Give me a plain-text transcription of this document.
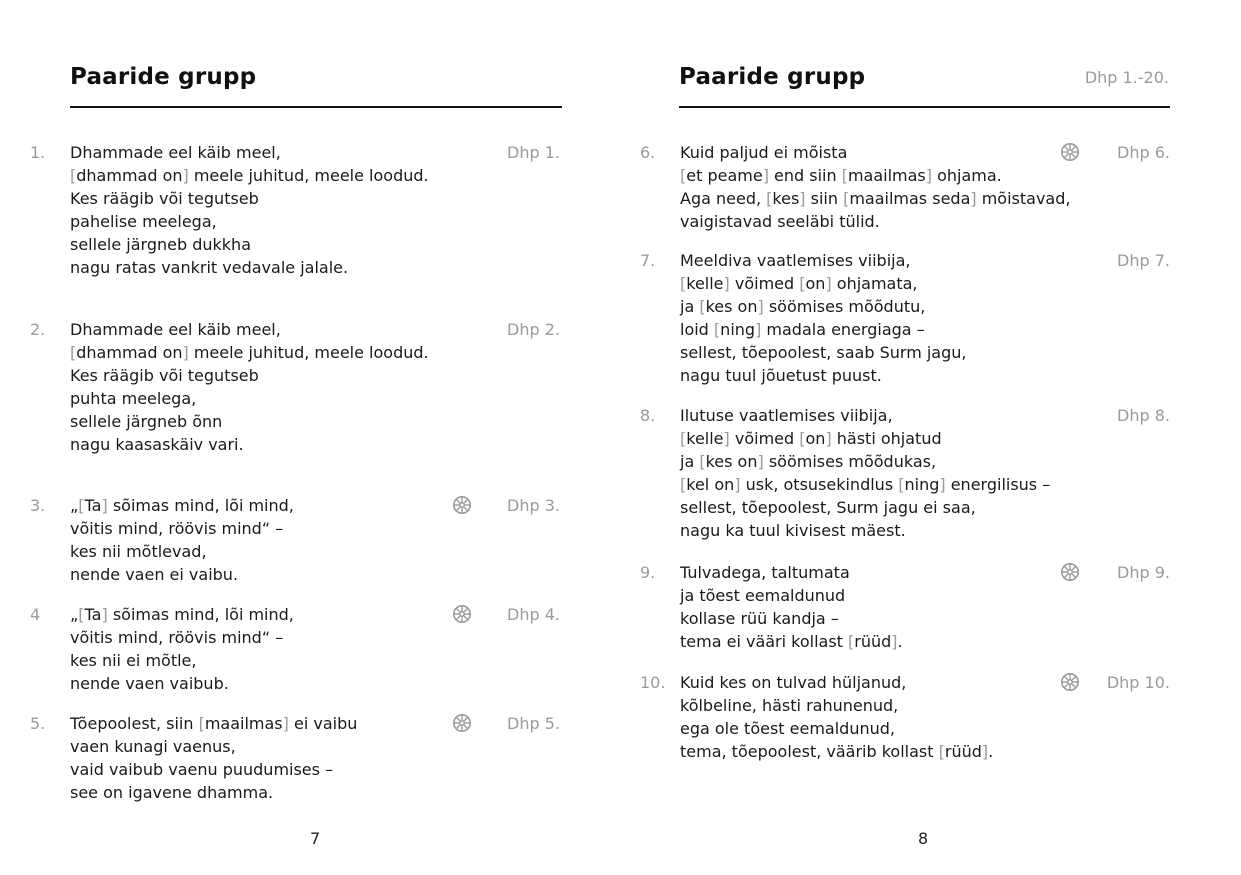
Paaride grupp
1.	Dhammade eel käib meel,
[dhammad on] meele juhitud, meele loodud.
Kes räägib või tegutseb
pahelise meelega,
sellele järgneb dukkha
nagu ratas vankrit vedavale jalale.
Dhp 1.
2.	Dhammade eel käib meel,
[dhammad on] meele juhitud, meele loodud.
Kes räägib või tegutseb
puhta meelega,
sellele järgneb õnn
nagu kaasaskäiv vari.
Dhp 2.
3.	„[Ta] sõimas mind, lõi mind,
võitis mind, röövis mind“ –
kes nii mõtlevad,
nende vaen ei vaibu.
Dhp 3.
4	„[Ta] sõimas mind, lõi mind,
võitis mind, röövis mind“ –
kes nii ei mõtle,
nende vaen vaibub.
Dhp 4.
5.	Tõepoolest, siin [maailmas] ei vaibu
vaen kunagi vaenus,
vaid vaibub vaenu puudumises –
see on igavene dhamma.
Dhp 5.
7
Paaride grupp	Dhp 1.-20.
6.	Kuid paljud ei mõista
[et peame] end siin [maailmas] ohjama.
Aga need, [kes] siin [maailmas seda] mõistavad,
vaigistavad seeläbi tülid.
Dhp 6.
7.	Meeldiva vaatlemises viibija,
[kelle] võimed [on] ohjamata,
ja [kes on] söömises mõõdutu,
loid [ning] madala energiaga –
sellest, tõepoolest, saab Surm jagu,
nagu tuul jõuetust puust.
Dhp 7.
8.	Ilutuse vaatlemises viibija,
[kelle] võimed [on] hästi ohjatud
ja [kes on] söömises mõõdukas,
[kel on] usk, otsusekindlus [ning] energilisus –
sellest, tõepoolest, Surm jagu ei saa,
nagu ka tuul kivisest mäest.
Dhp 8.
9.	Tulvadega, taltumata
ja tõest eemaldunud
kollase rüü kandja –
tema ei vääri kollast [rüüd].
Dhp 9.
10. Kuid kes on tulvad hüljanud,
kõlbeline, hästi rahunenud,
ega ole tõest eemaldunud,
tema, tõepoolest, väärib kollast [rüüd].
Dhp 10.
8
